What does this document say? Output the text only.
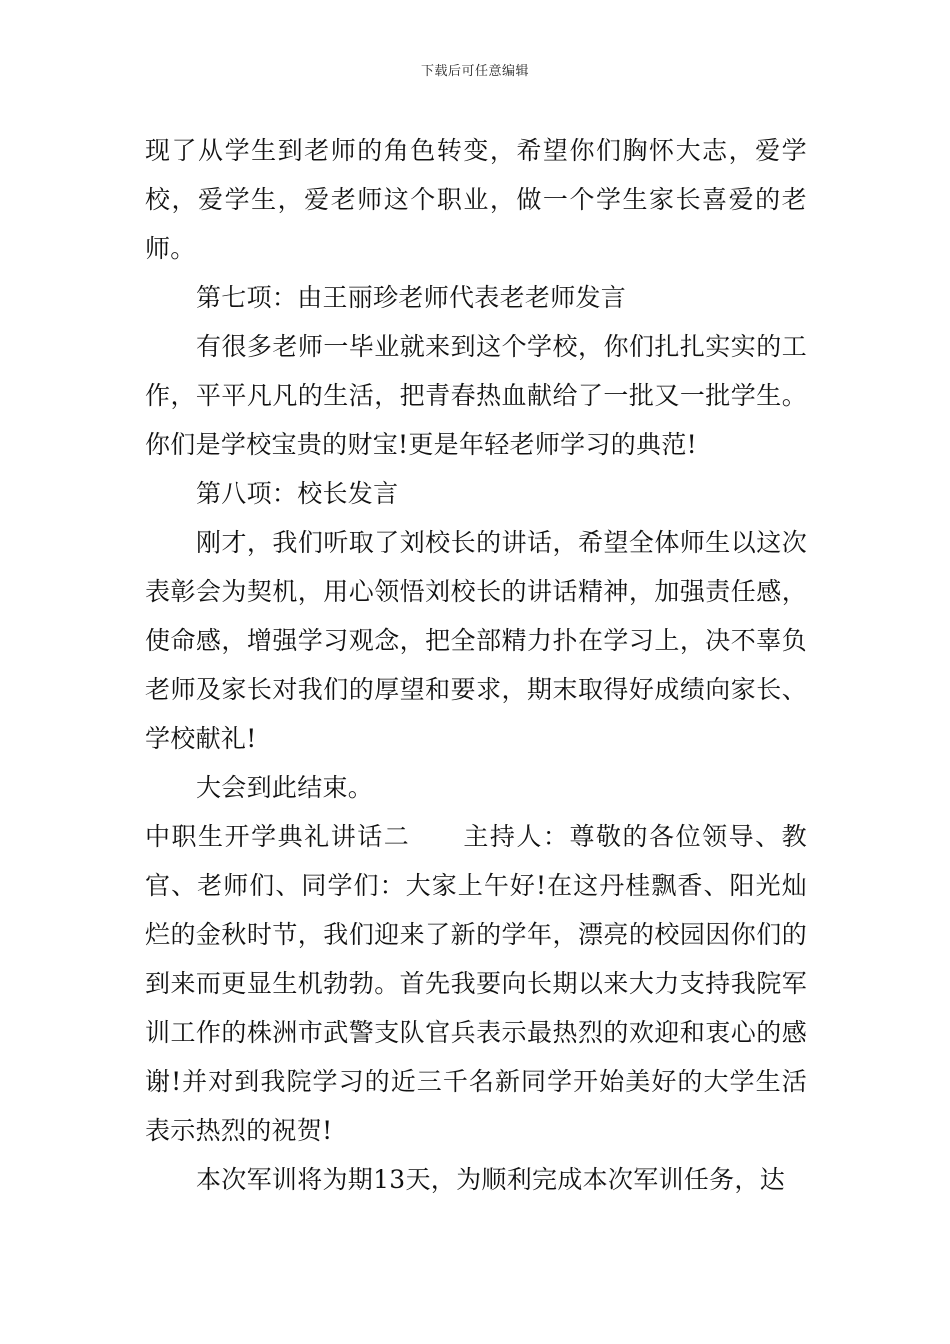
下载后可任意编辑

现了从学生到老师的角色转变，希望你们胸怀大志，爱学校，爱学生，爱老师这个职业，做一个学生家长喜爱的老师。

第七项：由王丽珍老师代表老老师发言

有很多老师一毕业就来到这个学校，你们扎扎实实的工作，平平凡凡的生活，把青春热血献给了一批又一批学生。你们是学校宝贵的财宝!更是年轻老师学习的典范!

第八项：校长发言

刚才，我们听取了刘校长的讲话，希望全体师生以这次表彰会为契机，用心领悟刘校长的讲话精神，加强责任感，使命感，增强学习观念，把全部精力扑在学习上，决不辜负老师及家长对我们的厚望和要求，期末取得好成绩向家长、学校献礼!

大会到此结束。

中职生开学典礼讲话二　　主持人：尊敬的各位领导、教官、老师们、同学们：大家上午好!在这丹桂飘香、阳光灿烂的金秋时节，我们迎来了新的学年，漂亮的校园因你们的到来而更显生机勃勃。首先我要向长期以来大力支持我院军训工作的株洲市武警支队官兵表示最热烈的欢迎和衷心的感谢!并对到我院学习的近三千名新同学开始美好的大学生活表示热烈的祝贺!

本次军训将为期13天，为顺利完成本次军训任务，达
